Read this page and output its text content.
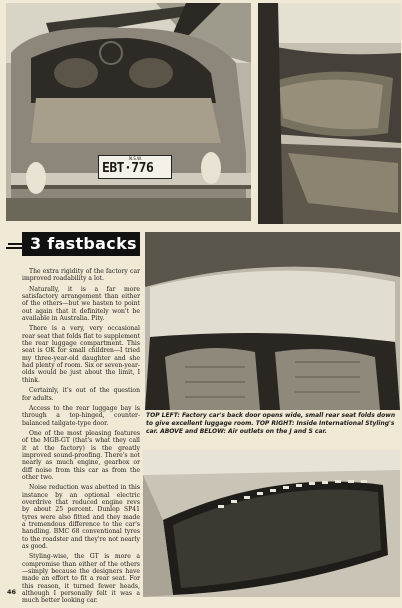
N.S.W.
EBT·776
3 fastbacks

The extra rigidity of the factory car improved roadability a lot.

Naturally, it is a far more satisfactory arrangement than either of the others—but we hasten to point out again that it definitely won't be available in Australia. Pity.

There is a very, very occasional rear seat that folds flat to supplement the rear luggage compartment. This seat is OK for small children—I tried my three-year-old daughter and she had plenty of room. Six or seven-year-olds would be just about the limit, I think.

Certainly, it's out of the question for adults.

Access to the rear luggage bay is through a top-hinged, counter-balanced tailgate-type door.

One of the most pleasing features of the MGB-GT (that's what they call it at the factory) is the greatly improved sound-proofing. There's not nearly as much engine, gearbox or diff noise from this car as from the other two.

Noise reduction was abetted in this instance by an optional electric overdrive that reduced engine revs by about 25 percent. Dunlop SP41 tyres were also fitted and they made a tremendous difference to the car's handling. BMC 68 conventional tyres to the roadster and they're not nearly as good.

Styling-wise, the GT is more a compromise than either of the others—simply because the designers have made an effort to fit a rear seat. For this reason, it turned fewer heads, although I personally felt it was a much better looking car.

TOP LEFT: Factory car's back door opens wide, small rear seat folds down to give excellent luggage room. TOP RIGHT: Inside International Styling's car. ABOVE and BELOW: Air outlets on the J and S car.
46
